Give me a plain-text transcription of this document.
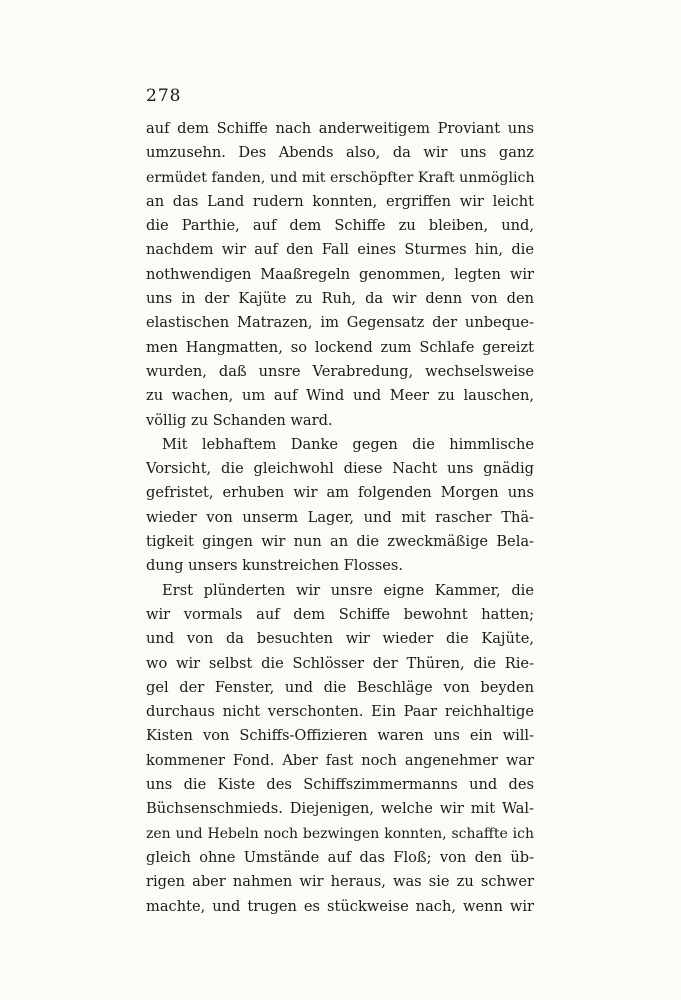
278
auf dem Schiffe nach anderweitigem Proviant uns
umzusehn. Des Abends also, da wir uns ganz
ermüdet fanden, und mit erschöpfter Kraft unmöglich
an das Land rudern konnten, ergriffen wir leicht
die Parthie, auf dem Schiffe zu bleiben, und,
nachdem wir auf den Fall eines Sturmes hin, die
nothwendigen Maaßregeln genommen, legten wir
uns in der Kajüte zu Ruh, da wir denn von den
elastischen Matrazen, im Gegensatz der unbeque-
men Hangmatten, so lockend zum Schlafe gereizt
wurden, daß unsre Verabredung, wechselsweise
zu wachen, um auf Wind und Meer zu lauschen,
völlig zu Schanden ward.
Mit lebhaftem Danke gegen die himmlische
Vorsicht, die gleichwohl diese Nacht uns gnädig
gefristet, erhuben wir am folgenden Morgen uns
wieder von unserm Lager, und mit rascher Thä-
tigkeit gingen wir nun an die zweckmäßige Bela-
dung unsers kunstreichen Flosses.
Erst plünderten wir unsre eigne Kammer, die
wir vormals auf dem Schiffe bewohnt hatten;
und von da besuchten wir wieder die Kajüte,
wo wir selbst die Schlösser der Thüren, die Rie-
gel der Fenster, und die Beschläge von beyden
durchaus nicht verschonten. Ein Paar reichhaltige
Kisten von Schiffs-Offizieren waren uns ein will-
kommener Fond. Aber fast noch angenehmer war
uns die Kiste des Schiffszimmermanns und des
Büchsenschmieds. Diejenigen, welche wir mit Wal-
zen und Hebeln noch bezwingen konnten, schaffte ich
gleich ohne Umstände auf das Floß; von den üb-
rigen aber nahmen wir heraus, was sie zu schwer
machte, und trugen es stückweise nach, wenn wir
